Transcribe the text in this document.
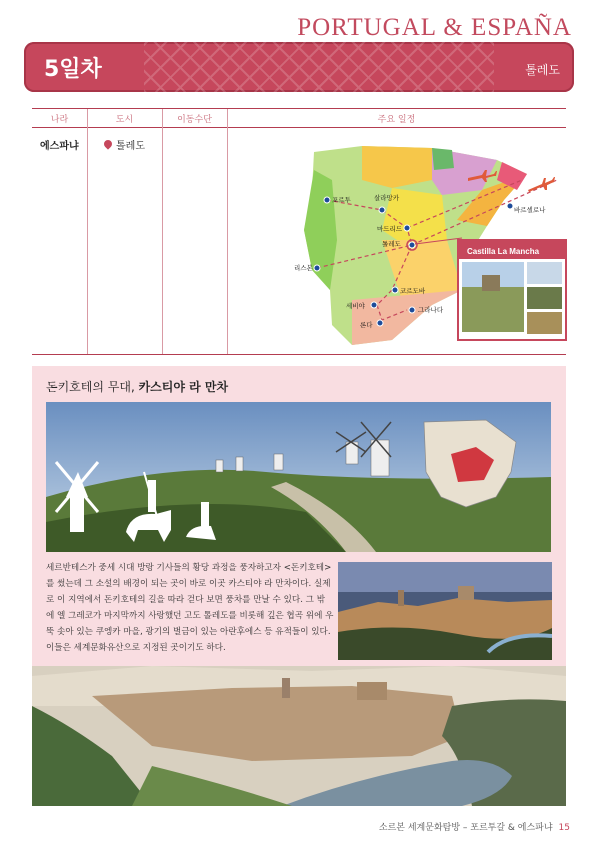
PORTUGAL & ESPAÑA
5일차	톨레도
나라	도시	이동수단	주요 일정
에스파냐	톨레도
포르투	살라망카
바르셀로나
마드리드
톨레도
리스본
코르도바
세비야	그라나다
론다
Castilla La Mancha
돈키호테의 무대, 카스티야 라 만차
세르반테스가 중세 시대 방랑 기사들의 황당 과정을 풍자하고자 <돈키호테>
를 썼는데 그 소설의 배경이 되는 곳이 바로 이곳 카스티야 라 만차이다. 실제
로 이 지역에서 돈키호테의 길을 따라 걷다 보면 풍차를 만날 수 있다. 그 밖
에 엘 그레코가 마지막까지 사랑했던 고도 톨레도를 비롯해 깊은 협곡 위에 우
뚝 솟아 있는 쿠엥카 마을, 광기의 벌금이 있는 아란후에스 등 유적들이 있다.
이들은 세계문화유산으로 지정된 곳이기도 하다.
소르본 세계문화탐방 – 포르투갈 & 에스파냐 15
